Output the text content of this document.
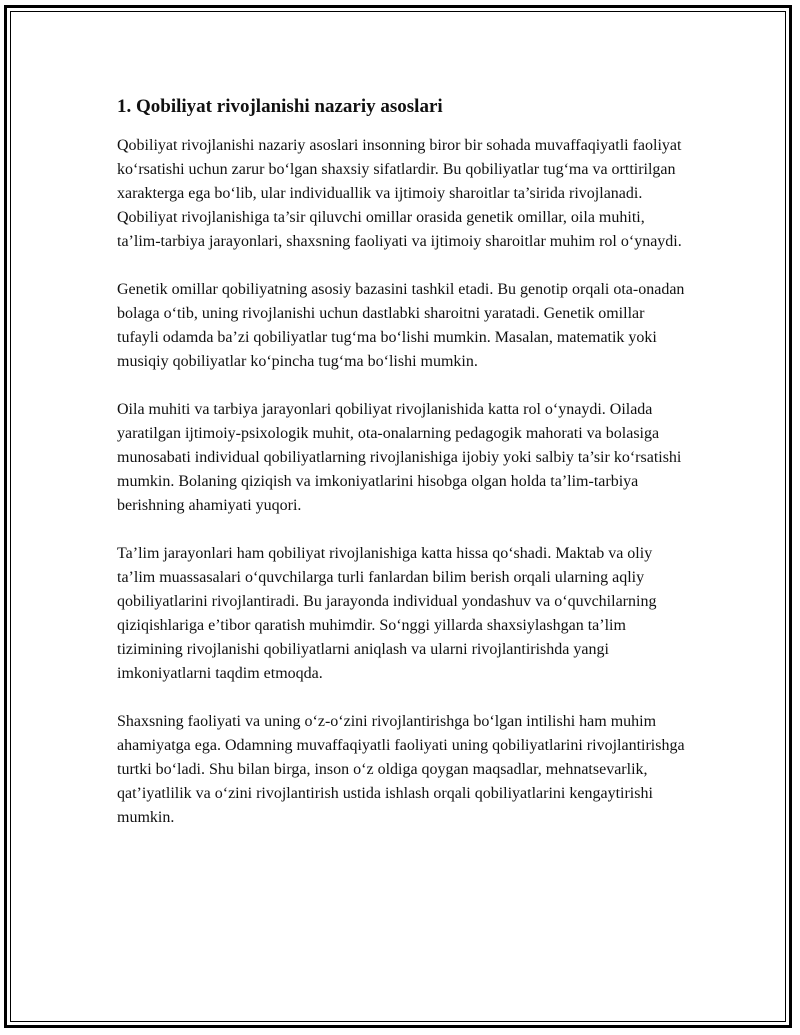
1. Qobiliyat rivojlanishi nazariy asoslari

Qobiliyat rivojlanishi nazariy asoslari insonning biror bir sohada muvaffaqiyatli faoliyat ko‘rsatishi uchun zarur bo‘lgan shaxsiy sifatlardir. Bu qobiliyatlar tug‘ma va orttirilgan xarakterga ega bo‘lib, ular individuallik va ijtimoiy sharoitlar ta’sirida rivojlanadi. Qobiliyat rivojlanishiga ta’sir qiluvchi omillar orasida genetik omillar, oila muhiti, ta’lim-tarbiya jarayonlari, shaxsning faoliyati va ijtimoiy sharoitlar muhim rol o‘ynaydi.

Genetik omillar qobiliyatning asosiy bazasini tashkil etadi. Bu genotip orqali ota-onadan bolaga o‘tib, uning rivojlanishi uchun dastlabki sharoitni yaratadi. Genetik omillar tufayli odamda ba’zi qobiliyatlar tug‘ma bo‘lishi mumkin. Masalan, matematik yoki musiqiy qobiliyatlar ko‘pincha tug‘ma bo‘lishi mumkin.

Oila muhiti va tarbiya jarayonlari qobiliyat rivojlanishida katta rol o‘ynaydi. Oilada yaratilgan ijtimoiy-psixologik muhit, ota-onalarning pedagogik mahorati va bolasiga munosabati individual qobiliyatlarning rivojlanishiga ijobiy yoki salbiy ta’sir ko‘rsatishi mumkin. Bolaning qiziqish va imkoniyatlarini hisobga olgan holda ta’lim-tarbiya berishning ahamiyati yuqori.

Ta’lim jarayonlari ham qobiliyat rivojlanishiga katta hissa qo‘shadi. Maktab va oliy ta’lim muassasalari o‘quvchilarga turli fanlardan bilim berish orqali ularning aqliy qobiliyatlarini rivojlantiradi. Bu jarayonda individual yondashuv va o‘quvchilarning qiziqishlariga e’tibor qaratish muhimdir. So‘nggi yillarda shaxsiylashgan ta’lim tizimining rivojlanishi qobiliyatlarni aniqlash va ularni rivojlantirishda yangi imkoniyatlarni taqdim etmoqda.

Shaxsning faoliyati va uning o‘z-o‘zini rivojlantirishga bo‘lgan intilishi ham muhim ahamiyatga ega. Odamning muvaffaqiyatli faoliyati uning qobiliyatlarini rivojlantirishga turtki bo‘ladi. Shu bilan birga, inson o‘z oldiga qoygan maqsadlar, mehnatsevarlik, qat’iyatlilik va o‘zini rivojlantirish ustida ishlash orqali qobiliyatlarini kengaytirishi mumkin.
